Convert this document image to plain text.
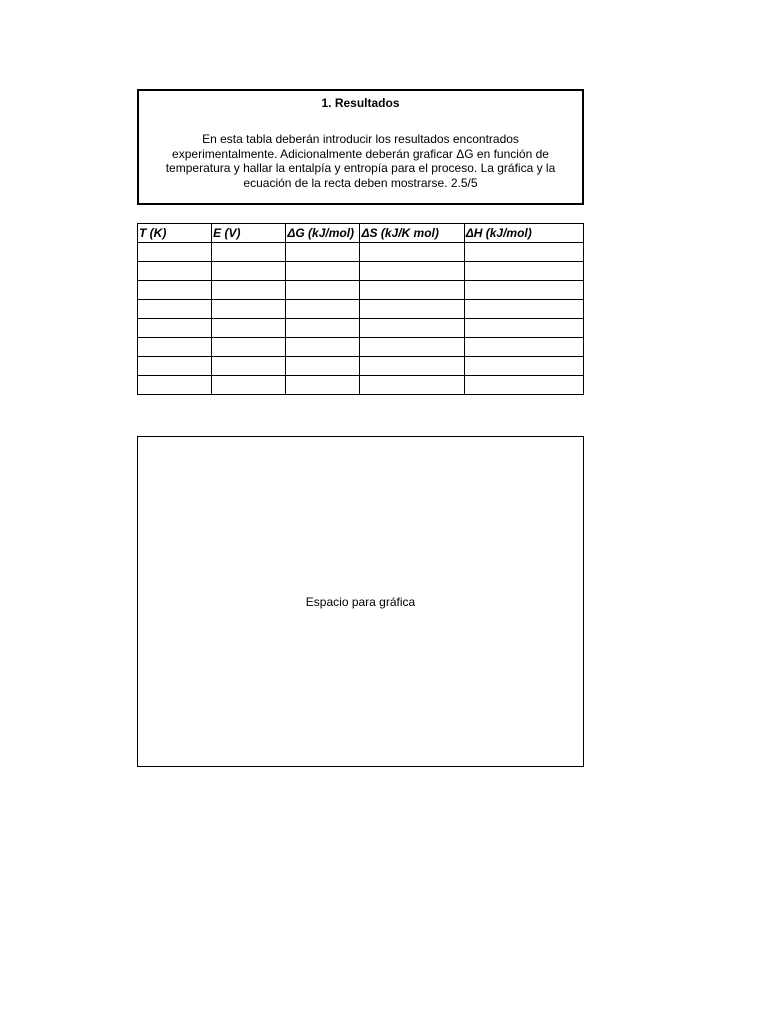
1. Resultados
En esta tabla deberán introducir los resultados encontrados experimentalmente. Adicionalmente deberán graficar ΔG en función de temperatura y hallar la entalpía y entropía para el proceso. La gráfica y la ecuación de la recta deben mostrarse. 2.5/5
T (K)	E (V)	ΔG (kJ/mol)	ΔS (kJ/K mol)	ΔH (kJ/mol)

Espacio para gráfica
